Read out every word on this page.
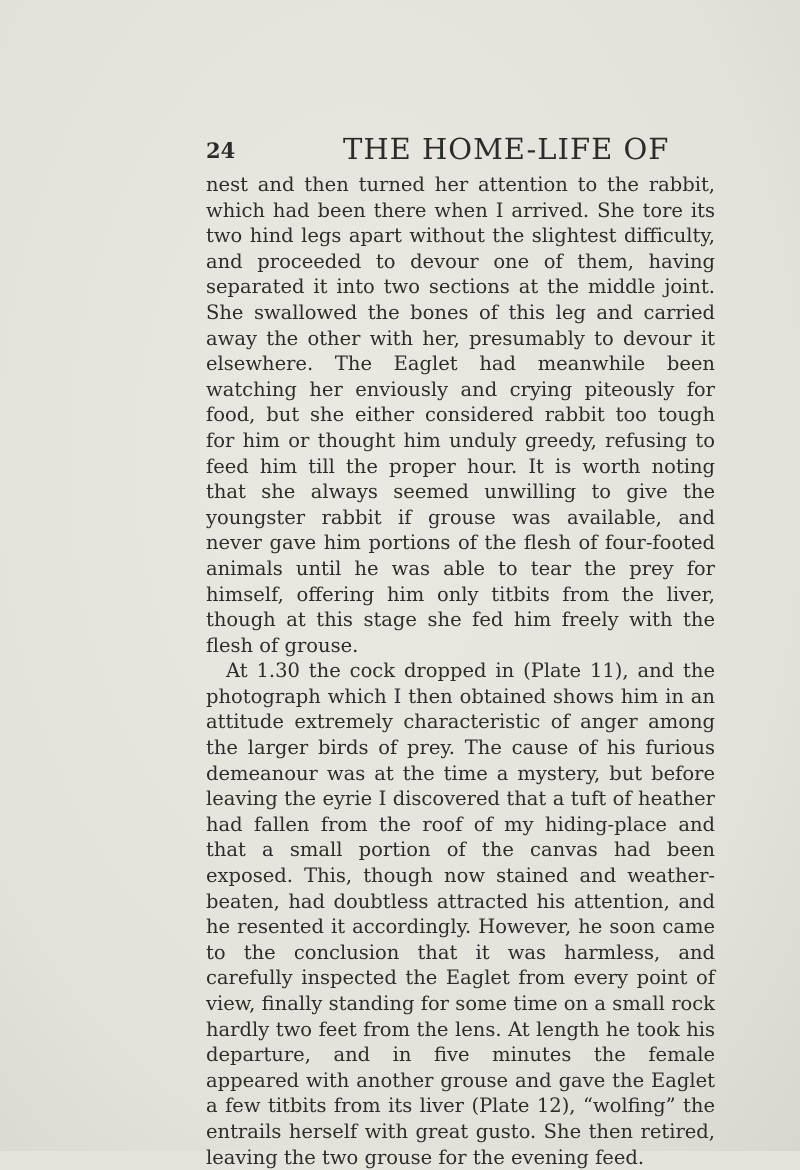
24	THE HOME-LIFE OF

nest and then turned her attention to the rabbit, which had been there when I arrived. She tore its two hind legs apart without the slightest difficulty, and proceeded to devour one of them, having separated it into two sections at the middle joint. She swallowed the bones of this leg and carried away the other with her, presumably to devour it elsewhere. The Eaglet had meanwhile been watching her enviously and crying piteously for food, but she either considered rabbit too tough for him or thought him unduly greedy, refusing to feed him till the proper hour. It is worth noting that she always seemed unwilling to give the youngster rabbit if grouse was available, and never gave him portions of the flesh of four-footed animals until he was able to tear the prey for himself, offering him only titbits from the liver, though at this stage she fed him freely with the flesh of grouse.

At 1.30 the cock dropped in (Plate 11), and the photograph which I then obtained shows him in an attitude extremely characteristic of anger among the larger birds of prey. The cause of his furious demeanour was at the time a mystery, but before leaving the eyrie I discovered that a tuft of heather had fallen from the roof of my hiding-place and that a small portion of the canvas had been exposed. This, though now stained and weather-beaten, had doubtless attracted his attention, and he resented it accordingly. However, he soon came to the conclusion that it was harmless, and carefully inspected the Eaglet from every point of view, finally standing for some time on a small rock hardly two feet from the lens. At length he took his departure, and in five minutes the female appeared with another grouse and gave the Eaglet a few titbits from its liver (Plate 12), “wolfing” the entrails herself with great gusto. She then retired, leaving the two grouse for the evening feed.
